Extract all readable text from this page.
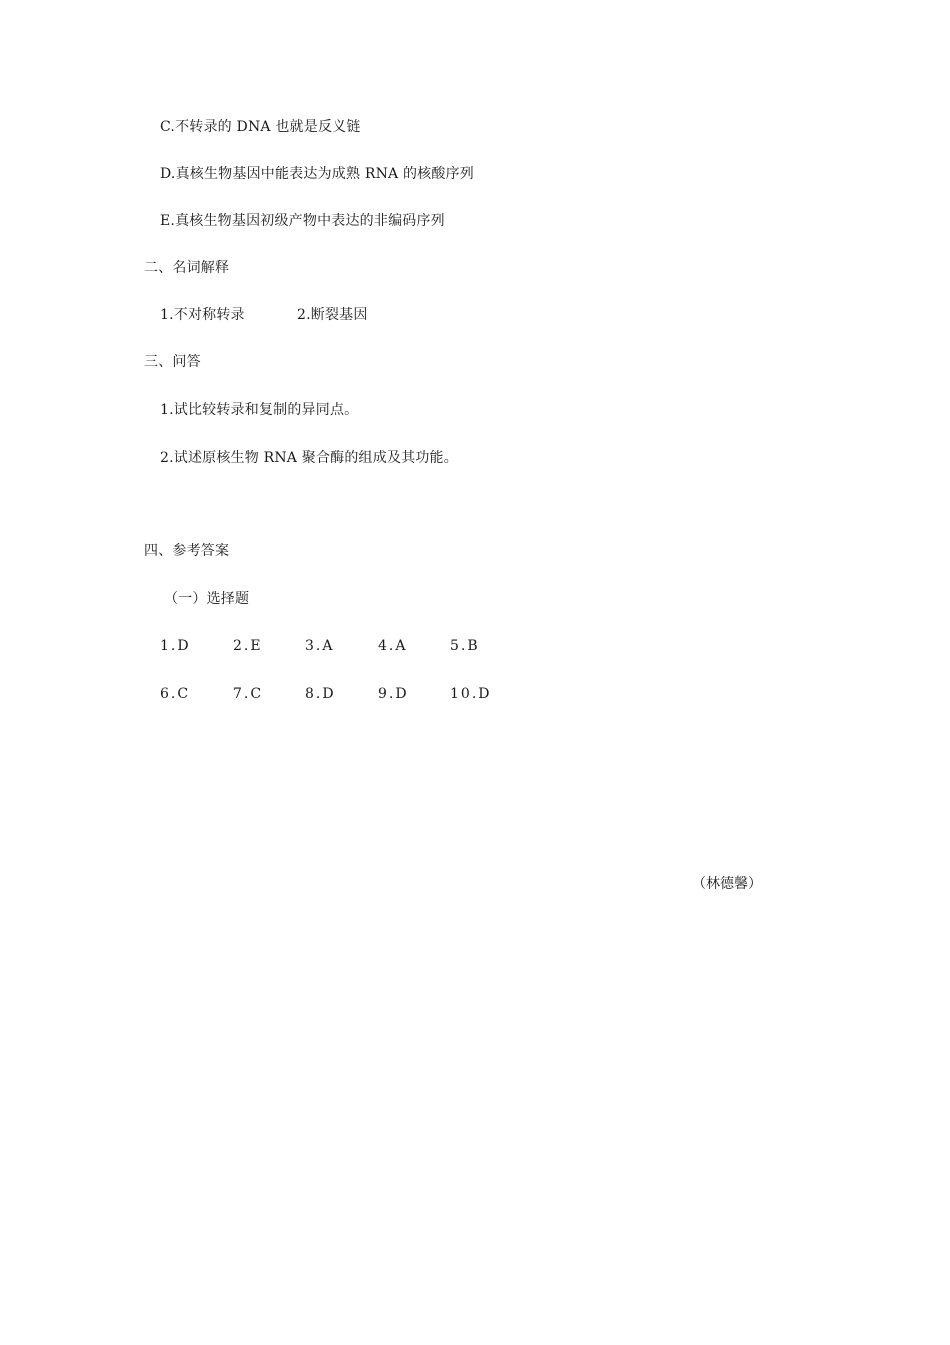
C.不转录的 DNA 也就是反义链
D.真核生物基因中能表达为成熟 RNA 的核酸序列
E.真核生物基因初级产物中表达的非编码序列
二、名词解释
1.不对称转录	2.断裂基因
三、问答
1.试比较转录和复制的异同点。
2.试述原核生物 RNA 聚合酶的组成及其功能。
四、参考答案
（一）选择题
1.D	2.E	3.A	4.A	5.B
6.C	7.C	8.D	9.D	10.D
（林德馨）
